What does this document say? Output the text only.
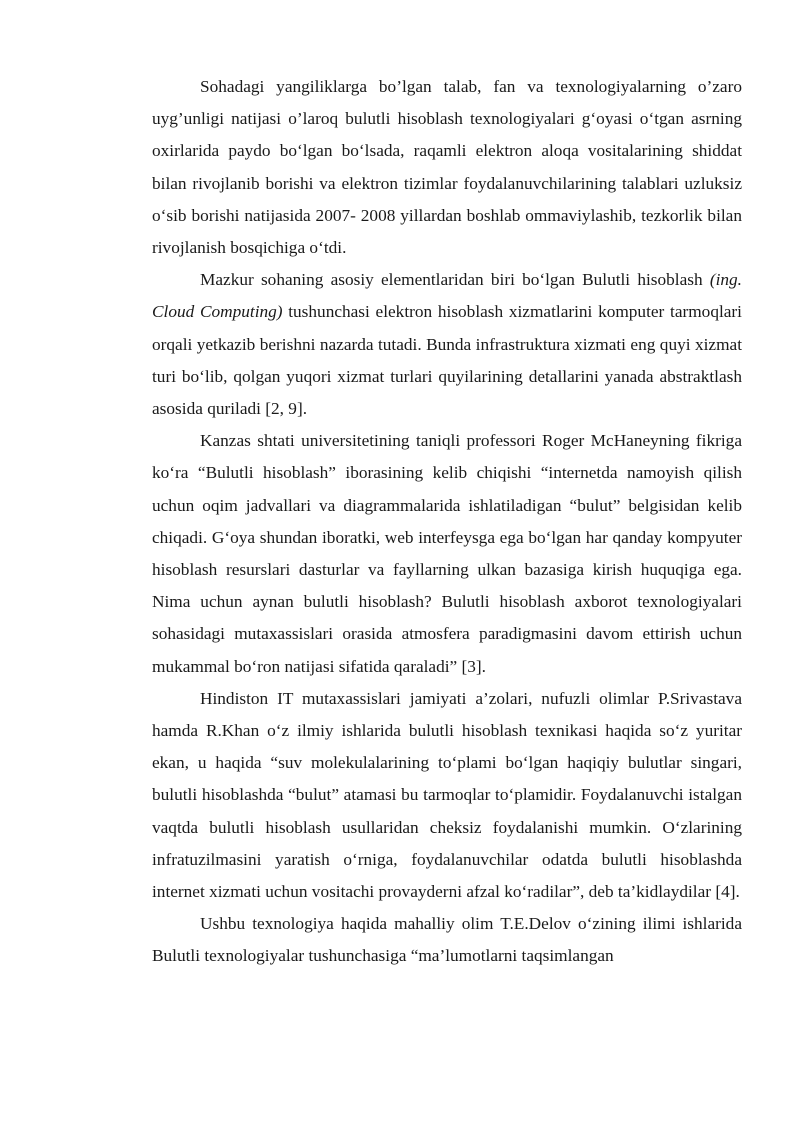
Sohadagi yangiliklarga bo’lgan talab, fan va texnologiyalarning o’zaro uyg’unligi natijasi o’laroq bulutli hisoblash texnologiyalari g‘oyasi o‘tgan asrning oxirlarida paydo bo‘lgan bo‘lsada, raqamli elektron aloqa vositalarining shiddat bilan rivojlanib borishi va elektron tizimlar foydalanuvchilarining talablari uzluksiz o‘sib borishi natijasida 2007- 2008 yillardan boshlab ommaviylashib, tezkorlik bilan rivojlanish bosqichiga o‘tdi.

Mazkur sohaning asosiy elementlaridan biri bo‘lgan Bulutli hisoblash (ing. Cloud Computing) tushunchasi elektron hisoblash xizmatlarini komputer tarmoqlari orqali yetkazib berishni nazarda tutadi. Bunda infrastruktura xizmati eng quyi xizmat turi bo‘lib, qolgan yuqori xizmat turlari quyilarining detallarini yanada abstraktlash asosida quriladi [2, 9].

Kanzas shtati universitetining taniqli professori Roger McHaneyning fikriga ko‘ra “Bulutli hisoblash” iborasining kelib chiqishi “internetda namoyish qilish uchun oqim jadvallari va diagrammalarida ishlatiladigan “bulut” belgisidan kelib chiqadi. G‘oya shundan iboratki, web interfeysga ega bo‘lgan har qanday kompyuter hisoblash resurslari dasturlar va fayllarning ulkan bazasiga kirish huquqiga ega. Nima uchun aynan bulutli hisoblash? Bulutli hisoblash axborot texnologiyalari sohasidagi mutaxassislari orasida atmosfera paradigmasini davom ettirish uchun mukammal bo‘ron natijasi sifatida qaraladi” [3].

Hindiston IT mutaxassislari jamiyati a’zolari, nufuzli olimlar P.Srivastava hamda R.Khan o‘z ilmiy ishlarida bulutli hisoblash texnikasi haqida so‘z yuritar ekan, u haqida “suv molekulalarining to‘plami bo‘lgan haqiqiy bulutlar singari, bulutli hisoblashda “bulut” atamasi bu tarmoqlar to‘plamidir. Foydalanuvchi istalgan vaqtda bulutli hisoblash usullaridan cheksiz foydalanishi mumkin. O‘zlarining infratuzilmasini yaratish o‘rniga, foydalanuvchilar odatda bulutli hisoblashda internet xizmati uchun vositachi provayderni afzal ko‘radilar”, deb ta’kidlaydilar [4].

Ushbu texnologiya haqida mahalliy olim T.E.Delov o‘zining ilimi ishlarida Bulutli texnologiyalar tushunchasiga “ma’lumotlarni taqsimlangan
